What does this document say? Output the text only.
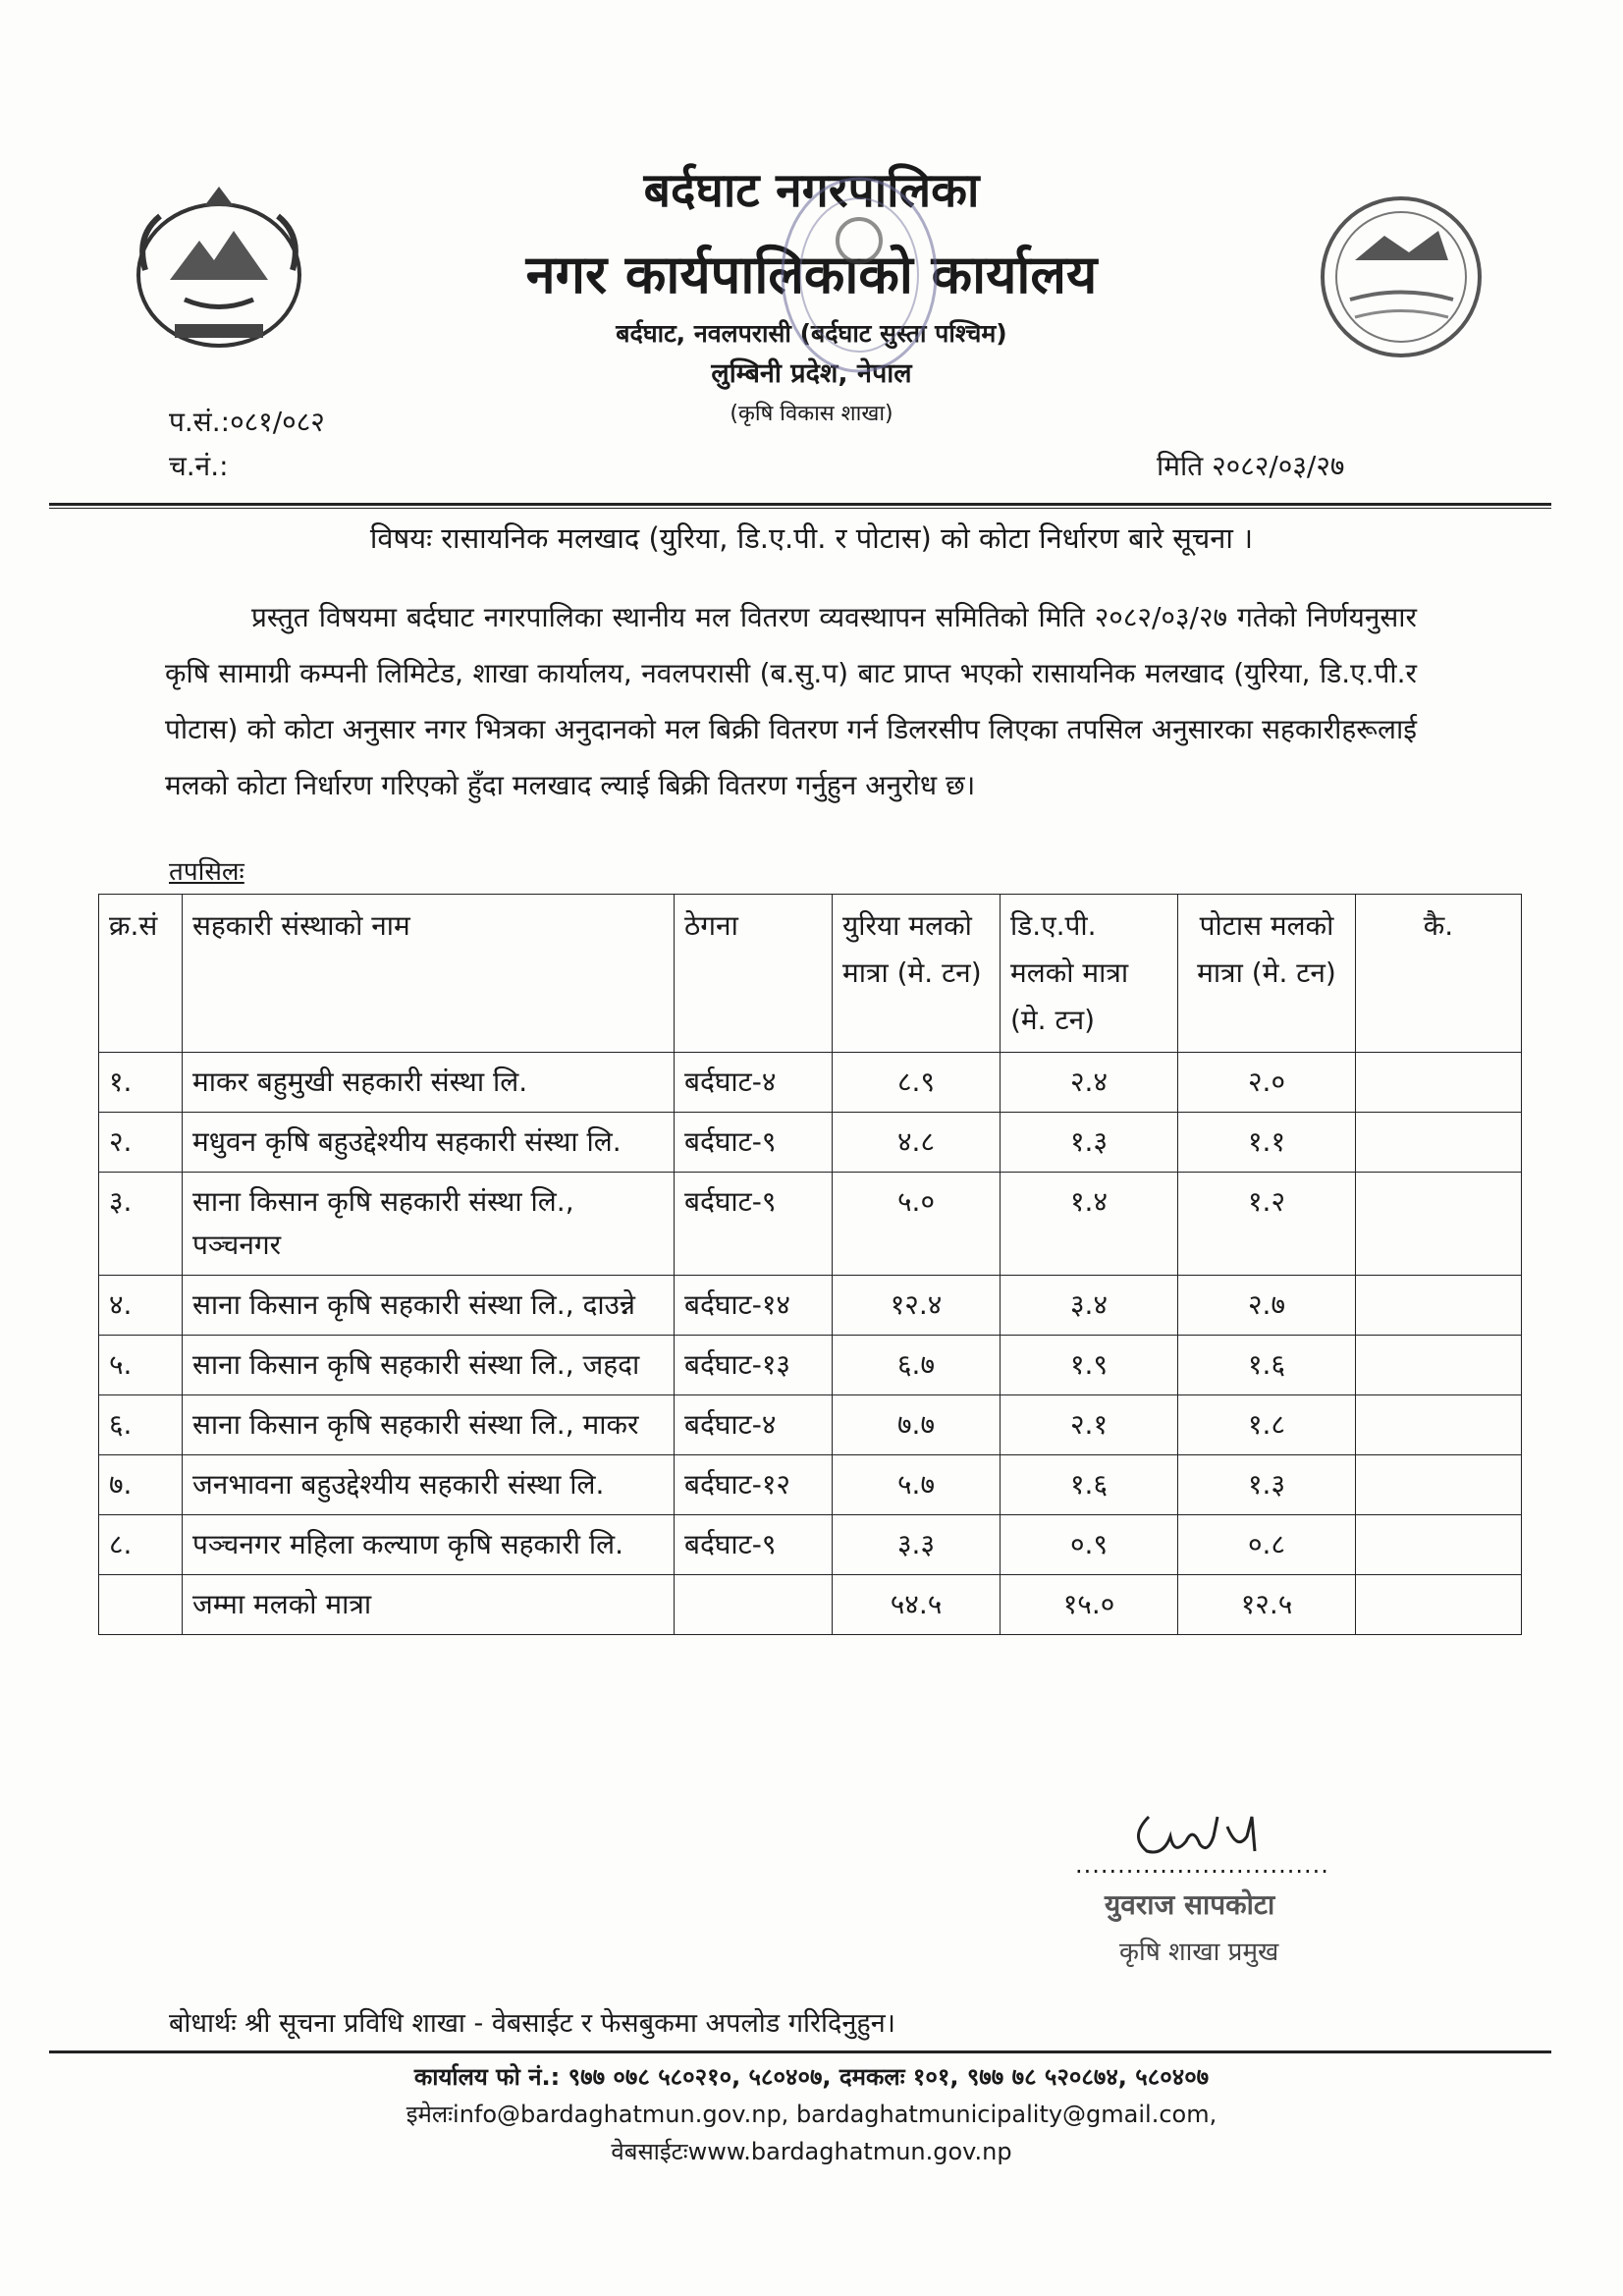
बर्दघाट नगरपालिका
नगर कार्यपालिकाको कार्यालय
बर्दघाट, नवलपरासी (बर्दघाट सुस्ता पश्चिम)
लुम्बिनी प्रदेश, नेपाल
(कृषि विकास शाखा)
प.सं.:०८१/०८२
च.नं.:	मिति २०८२/०३/२७
विषयः रासायनिक मलखाद (युरिया, डि.ए.पी. र पोटास) को कोटा निर्धारण बारे सूचना ।
प्रस्तुत विषयमा बर्दघाट नगरपालिका स्थानीय मल वितरण व्यवस्थापन समितिको मिति २०८२/०३/२७ गतेको निर्णयनुसार कृषि सामाग्री कम्पनी लिमिटेड, शाखा कार्यालय, नवलपरासी (ब.सु.प) बाट प्राप्त भएको रासायनिक मलखाद (युरिया, डि.ए.पी.र पोटास) को कोटा अनुसार नगर भित्रका अनुदानको मल बिक्री वितरण गर्न डिलरसीप लिएका तपसिल अनुसारका सहकारीहरूलाई मलको कोटा निर्धारण गरिएको हुँदा मलखाद ल्याई बिक्री वितरण गर्नुहुन अनुरोध छ।
तपसिलः
क्र.सं	सहकारी संस्थाको नाम	ठेगना	युरिया मलको मात्रा (मे. टन)	डि.ए.पी. मलको मात्रा (मे. टन)	पोटास मलको मात्रा (मे. टन)	कै.
१.	माकर बहुमुखी सहकारी संस्था लि.	बर्दघाट-४	८.९	२.४	२.०	
२.	मधुवन कृषि बहुउद्देश्यीय सहकारी संस्था लि.	बर्दघाट-९	४.८	१.३	१.१	
३.	साना किसान कृषि सहकारी संस्था लि., पञ्चनगर	बर्दघाट-९	५.०	१.४	१.२	
४.	साना किसान कृषि सहकारी संस्था लि., दाउन्ने	बर्दघाट-१४	१२.४	३.४	२.७	
५.	साना किसान कृषि सहकारी संस्था लि., जहदा	बर्दघाट-१३	६.७	१.९	१.६	
६.	साना किसान कृषि सहकारी संस्था लि., माकर	बर्दघाट-४	७.७	२.१	१.८	
७.	जनभावना बहुउद्देश्यीय सहकारी संस्था लि.	बर्दघाट-१२	५.७	१.६	१.३	
८.	पञ्चनगर महिला कल्याण कृषि सहकारी लि.	बर्दघाट-९	३.३	०.९	०.८	
	जम्मा मलको मात्रा		५४.५	१५.०	१२.५	
..............................
युवराज सापकोटा
कृषि शाखा प्रमुख
बोधार्थः श्री सूचना प्रविधि शाखा - वेबसाईट र फेसबुकमा अपलोड गरिदिनुहुन।
कार्यालय फो नं.: ९७७ ०७८ ५८०२१०, ५८०४०७, दमकलः १०१, ९७७ ७८ ५२०८७४, ५८०४०७
इमेलःinfo@bardaghatmun.gov.np, bardaghatmunicipality@gmail.com,
वेबसाईटःwww.bardaghatmun.gov.np
